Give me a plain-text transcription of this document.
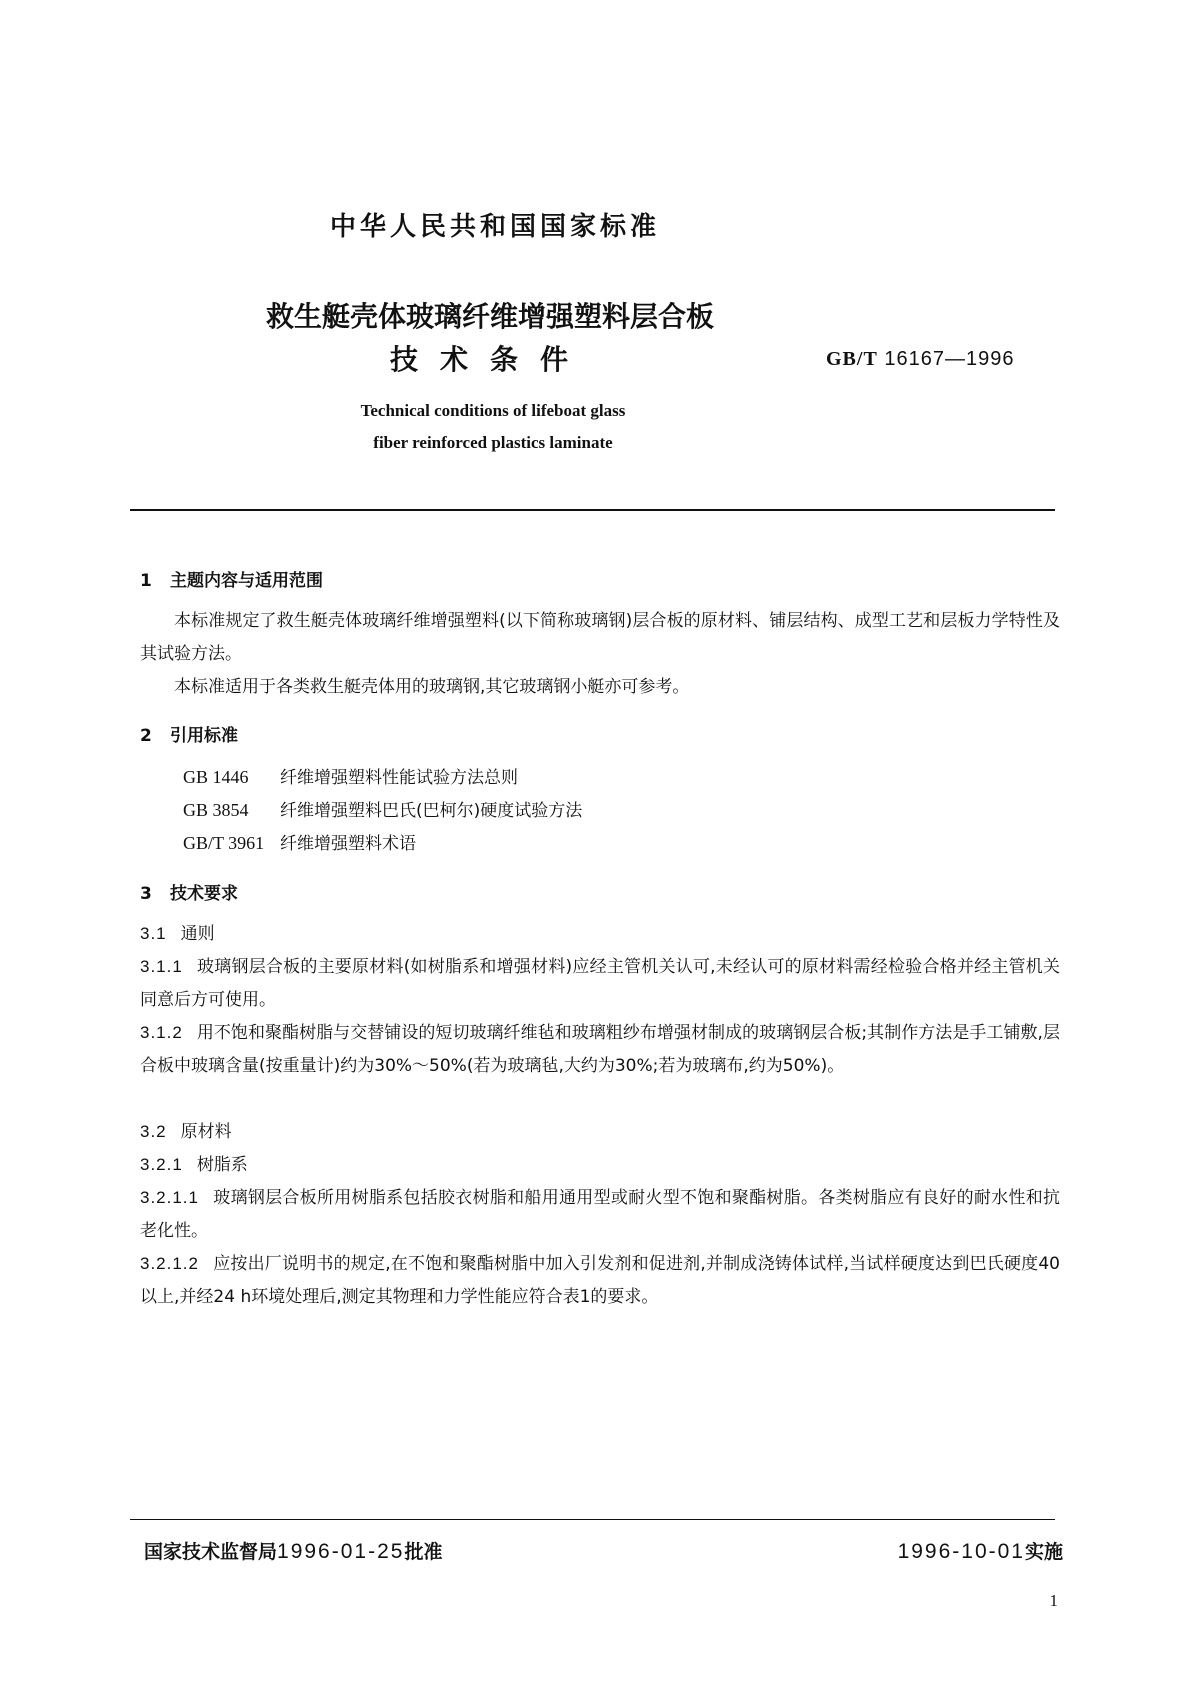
中华人民共和国国家标准
救生艇壳体玻璃纤维增强塑料层合板
技术条件	GB/T 16167—1996
Technical conditions of lifeboat glass
fiber reinforced plastics laminate
1 主题内容与适用范围
本标准规定了救生艇壳体玻璃纤维增强塑料(以下简称玻璃钢)层合板的原材料、铺层结构、成型工艺和层板力学特性及其试验方法。
本标准适用于各类救生艇壳体用的玻璃钢,其它玻璃钢小艇亦可参考。
2 引用标准
GB 1446 纤维增强塑料性能试验方法总则
GB 3854 纤维增强塑料巴氏(巴柯尔)硬度试验方法
GB/T 3961 纤维增强塑料术语
3 技术要求
3.1 通则
3.1.1 玻璃钢层合板的主要原材料(如树脂系和增强材料)应经主管机关认可,未经认可的原材料需经检验合格并经主管机关同意后方可使用。
3.1.2 用不饱和聚酯树脂与交替铺设的短切玻璃纤维毡和玻璃粗纱布增强材制成的玻璃钢层合板;其制作方法是手工铺敷,层合板中玻璃含量(按重量计)约为30%～50%(若为玻璃毡,大约为30%;若为玻璃布,约为50%)。
3.2 原材料
3.2.1 树脂系
3.2.1.1 玻璃钢层合板所用树脂系包括胶衣树脂和船用通用型或耐火型不饱和聚酯树脂。各类树脂应有良好的耐水性和抗老化性。
3.2.1.2 应按出厂说明书的规定,在不饱和聚酯树脂中加入引发剂和促进剂,并制成浇铸体试样,当试样硬度达到巴氏硬度40以上,并经24 h环境处理后,测定其物理和力学性能应符合表1的要求。
国家技术监督局1996-01-25批准	1996-10-01实施
1
